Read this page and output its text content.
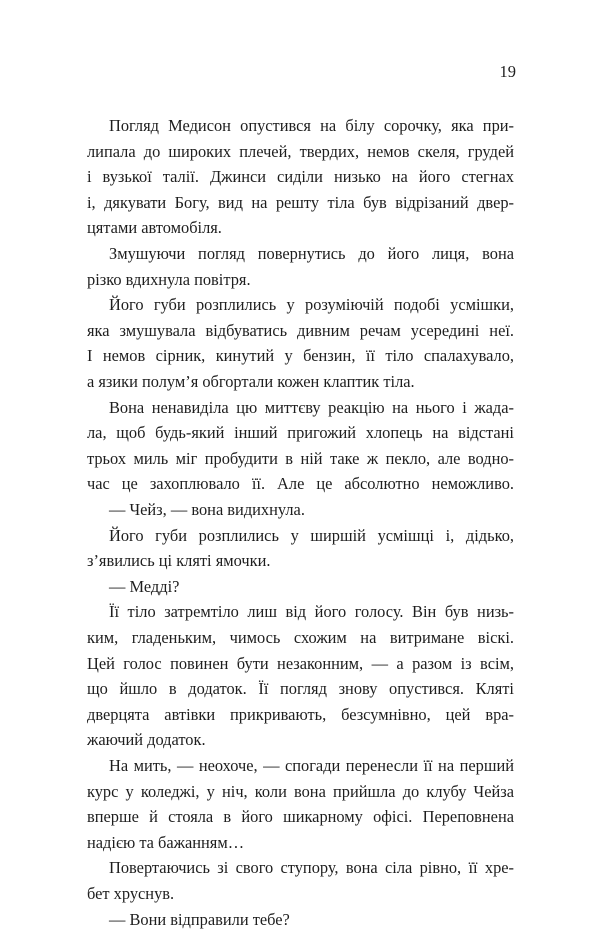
19
Погляд Медисон опустився на білу сорочку, яка при-
липала до широких плечей, твердих, немов скеля, грудей
і вузької талії. Джинси сиділи низько на його стегнах
і, дякувати Богу, вид на решту тіла був відрізаний двер-
цятами автомобіля.
Змушуючи погляд повернутись до його лиця, вона
різко вдихнула повітря.
Його губи розплились у розуміючій подобі усмішки,
яка змушувала відбуватись дивним речам усередині неї.
І немов сірник, кинутий у бензин, її тіло спалахувало,
а язики полум’я обгортали кожен клаптик тіла.
Вона ненавиділа цю миттєву реакцію на нього і жада-
ла, щоб будь-який інший пригожий хлопець на відстані
трьох миль міг пробудити в ній таке ж пекло, але водно-
час це захоплювало її. Але це абсолютно неможливо.
— Чейз, — вона видихнула.
Його губи розплились у ширшій усмішці і, дідько,
з’явились ці кляті ямочки.
— Медді?
Її тіло затремтіло лиш від його голосу. Він був низь-
ким, гладеньким, чимось схожим на витримане віскі.
Цей голос повинен бути незаконним, — а разом із всім,
що йшло в додаток. Її погляд знову опустився. Кляті
дверцята автівки прикривають, безсумнівно, цей вра-
жаючий додаток.
На мить, — неохоче, — спогади перенесли її на перший
курс у коледжі, у ніч, коли вона прийшла до клубу Чейза
вперше й стояла в його шикарному офісі. Переповнена
надією та бажанням…
Повертаючись зі свого ступору, вона сіла рівно, її хре-
бет хруснув.
— Вони відправили тебе?
